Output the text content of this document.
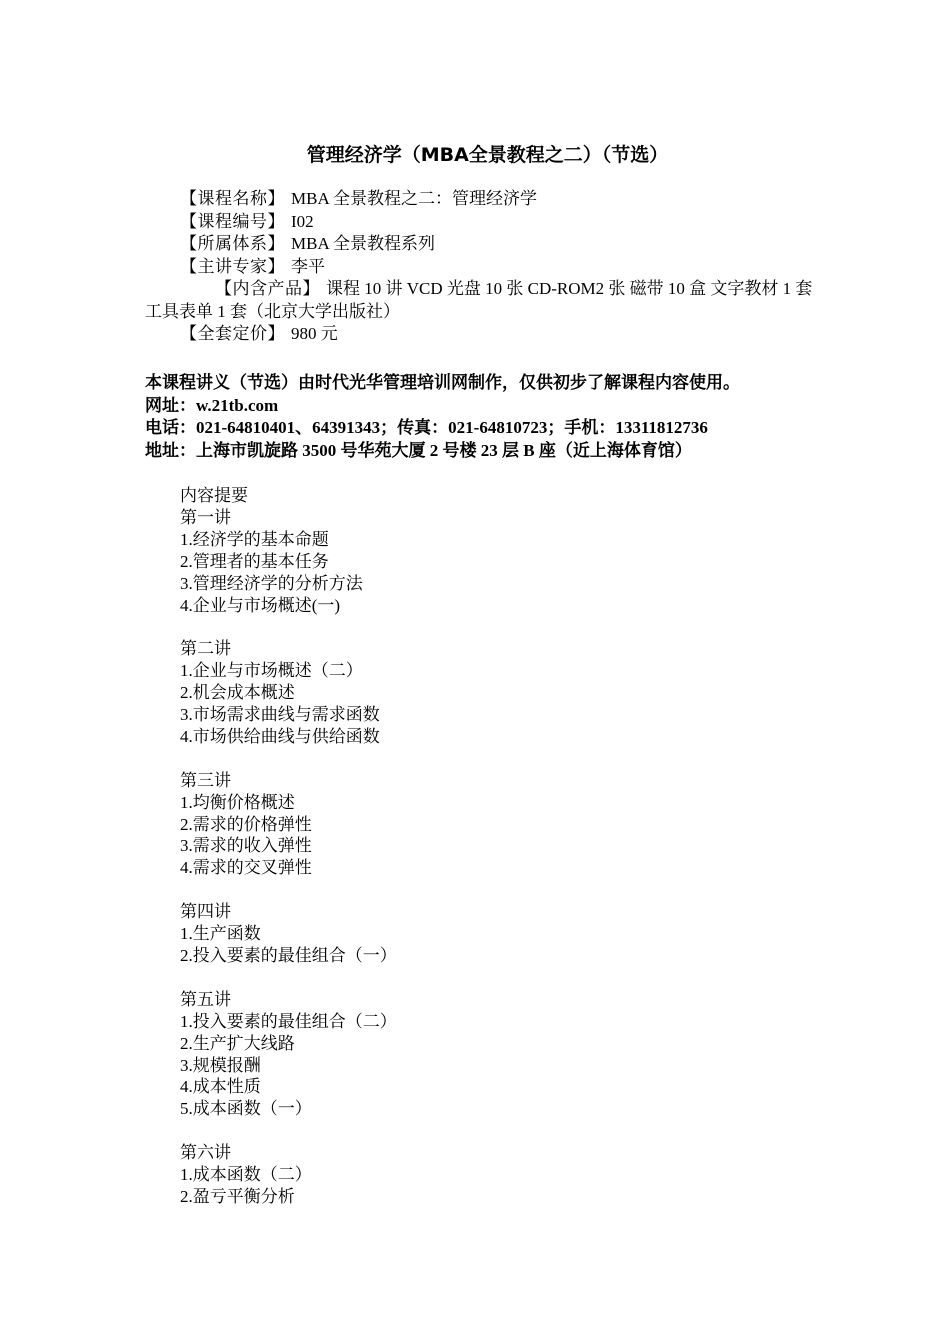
管理经济学（MBA全景教程之二）（节选）
【课程名称】 MBA 全景教程之二：管理经济学
【课程编号】 I02
【所属体系】 MBA 全景教程系列
【主讲专家】 李平
【内含产品】 课程 10 讲 VCD 光盘 10 张 CD-ROM2 张 磁带 10 盒 文字教材 1 套 工具表单 1 套（北京大学出版社）
【全套定价】 980 元
本课程讲义（节选）由时代光华管理培训网制作，仅供初步了解课程内容使用。
网址：w.21tb.com
电话：021-64810401、64391343；传真：021-64810723；手机：13311812736
地址：上海市凯旋路 3500 号华苑大厦 2 号楼 23 层 B 座（近上海体育馆）
内容提要
第一讲
1.经济学的基本命题
2.管理者的基本任务
3.管理经济学的分析方法
4.企业与市场概述(一)
第二讲
1.企业与市场概述（二）
2.机会成本概述
3.市场需求曲线与需求函数
4.市场供给曲线与供给函数
第三讲
1.均衡价格概述
2.需求的价格弹性
3.需求的收入弹性
4.需求的交叉弹性
第四讲
1.生产函数
2.投入要素的最佳组合（一）
第五讲
1.投入要素的最佳组合（二）
2.生产扩大线路
3.规模报酬
4.成本性质
5.成本函数（一）
第六讲
1.成本函数（二）
2.盈亏平衡分析
